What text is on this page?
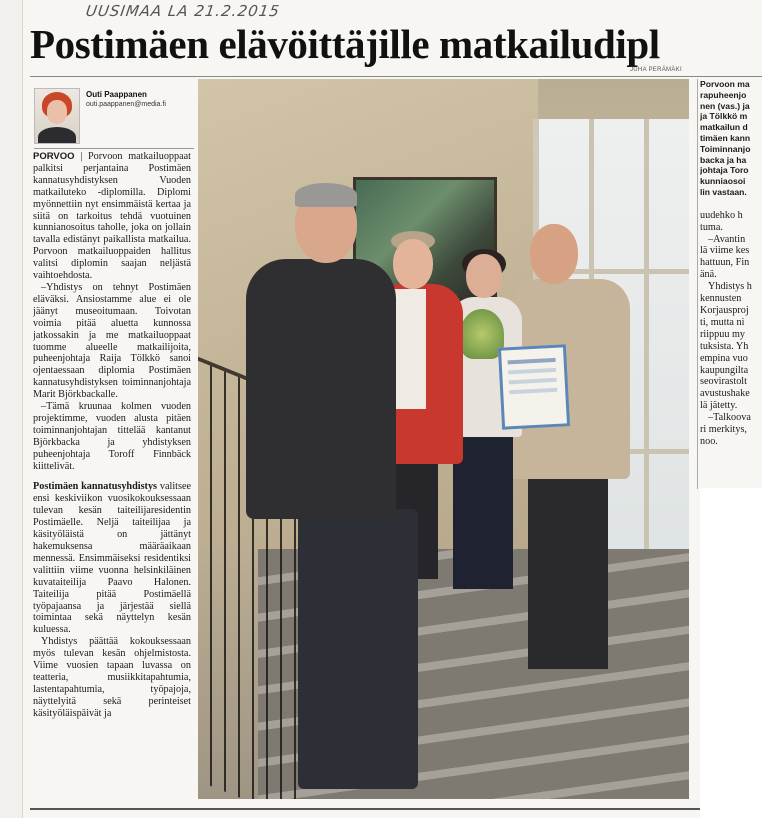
UUSIMAA LA 21.2.2015
Postimäen elävöittäjille matkailudipl
JUHA PERÄMÄKI
Outi Paappanen
outi.paappanen@media.fi

PORVOO | Porvoon matkailuoppaat palkitsi perjantaina Postimäen kannatusyhdistyksen Vuoden matkailuteko -diplomilla. Diplomi myönnettiin nyt ensimmäistä kertaa ja siitä on tarkoitus tehdä vuotuinen kunnianosoitus taholle, joka on jollain tavalla edistänyt paikallista matkailua. Porvoon matkailuoppaiden hallitus valitsi diplomin saajan neljästä vaihtoehdosta.

–Yhdistys on tehnyt Postimäen eläväksi. Ansiostamme alue ei ole jäänyt museoitumaan. Toivotan voimia pitää aluetta kunnossa jatkossakin ja me matkailuoppaat tuomme alueelle matkailijoita, puheenjohtaja Raija Tölkkö sanoi ojentaessaan diplomia Postimäen kannatusyhdistyksen toiminnanjohtaja Marit Björkbackalle.

–Tämä kruunaa kolmen vuoden projektimme, vuoden alusta pitäen toiminnanjohtajan tittelää kantanut Björkbacka ja yhdistyksen puheenjohtaja Toroff Finnbäck kiittelivät.

Postimäen kannatusyhdistys valitsee ensi keskiviikon vuosikokouksessaan tulevan kesän taiteilijaresidentin Postimäelle. Neljä taiteilijaa ja käsityöläistä on jättänyt hakemuksensa määräaikaan mennessä. Ensimmäiseksi residentiksi valittiin viime vuonna helsinkiläinen kuvataiteilija Paavo Halonen. Taiteilija pitää Postimäellä työpajaansa ja järjestää siellä toimintaa sekä näyttelyn kesän kuluessa.

Yhdistys päättää kokouksessaan myös tulevan kesän ohjelmistosta. Viime vuosien tapaan luvassa on teatteria, musiikkitapahtumia, lastentapahtumia, työpajoja, näyttelyitä sekä perinteiset käsityöläispäivät ja

Porvoon ma
rapuheenjo
nen (vas.) ja
ja Tölkkö m
matkailun d
timäen kann
Toiminnanjo
backa ja ha
johtaja Toro
kunniaosoi
lin vastaan.

uudehko h

tuma.

–Avantin

lä viime kes

hattuun, Fin

änä.

Yhdistys h

kennusten

Korjausproj

ti, mutta ni

riippuu my

tuksista. Yh

empina vuo

kaupungilta

seovirastolt

avustushake

lä jätetty.

–Talkoova

ri merkitys,

noo.
